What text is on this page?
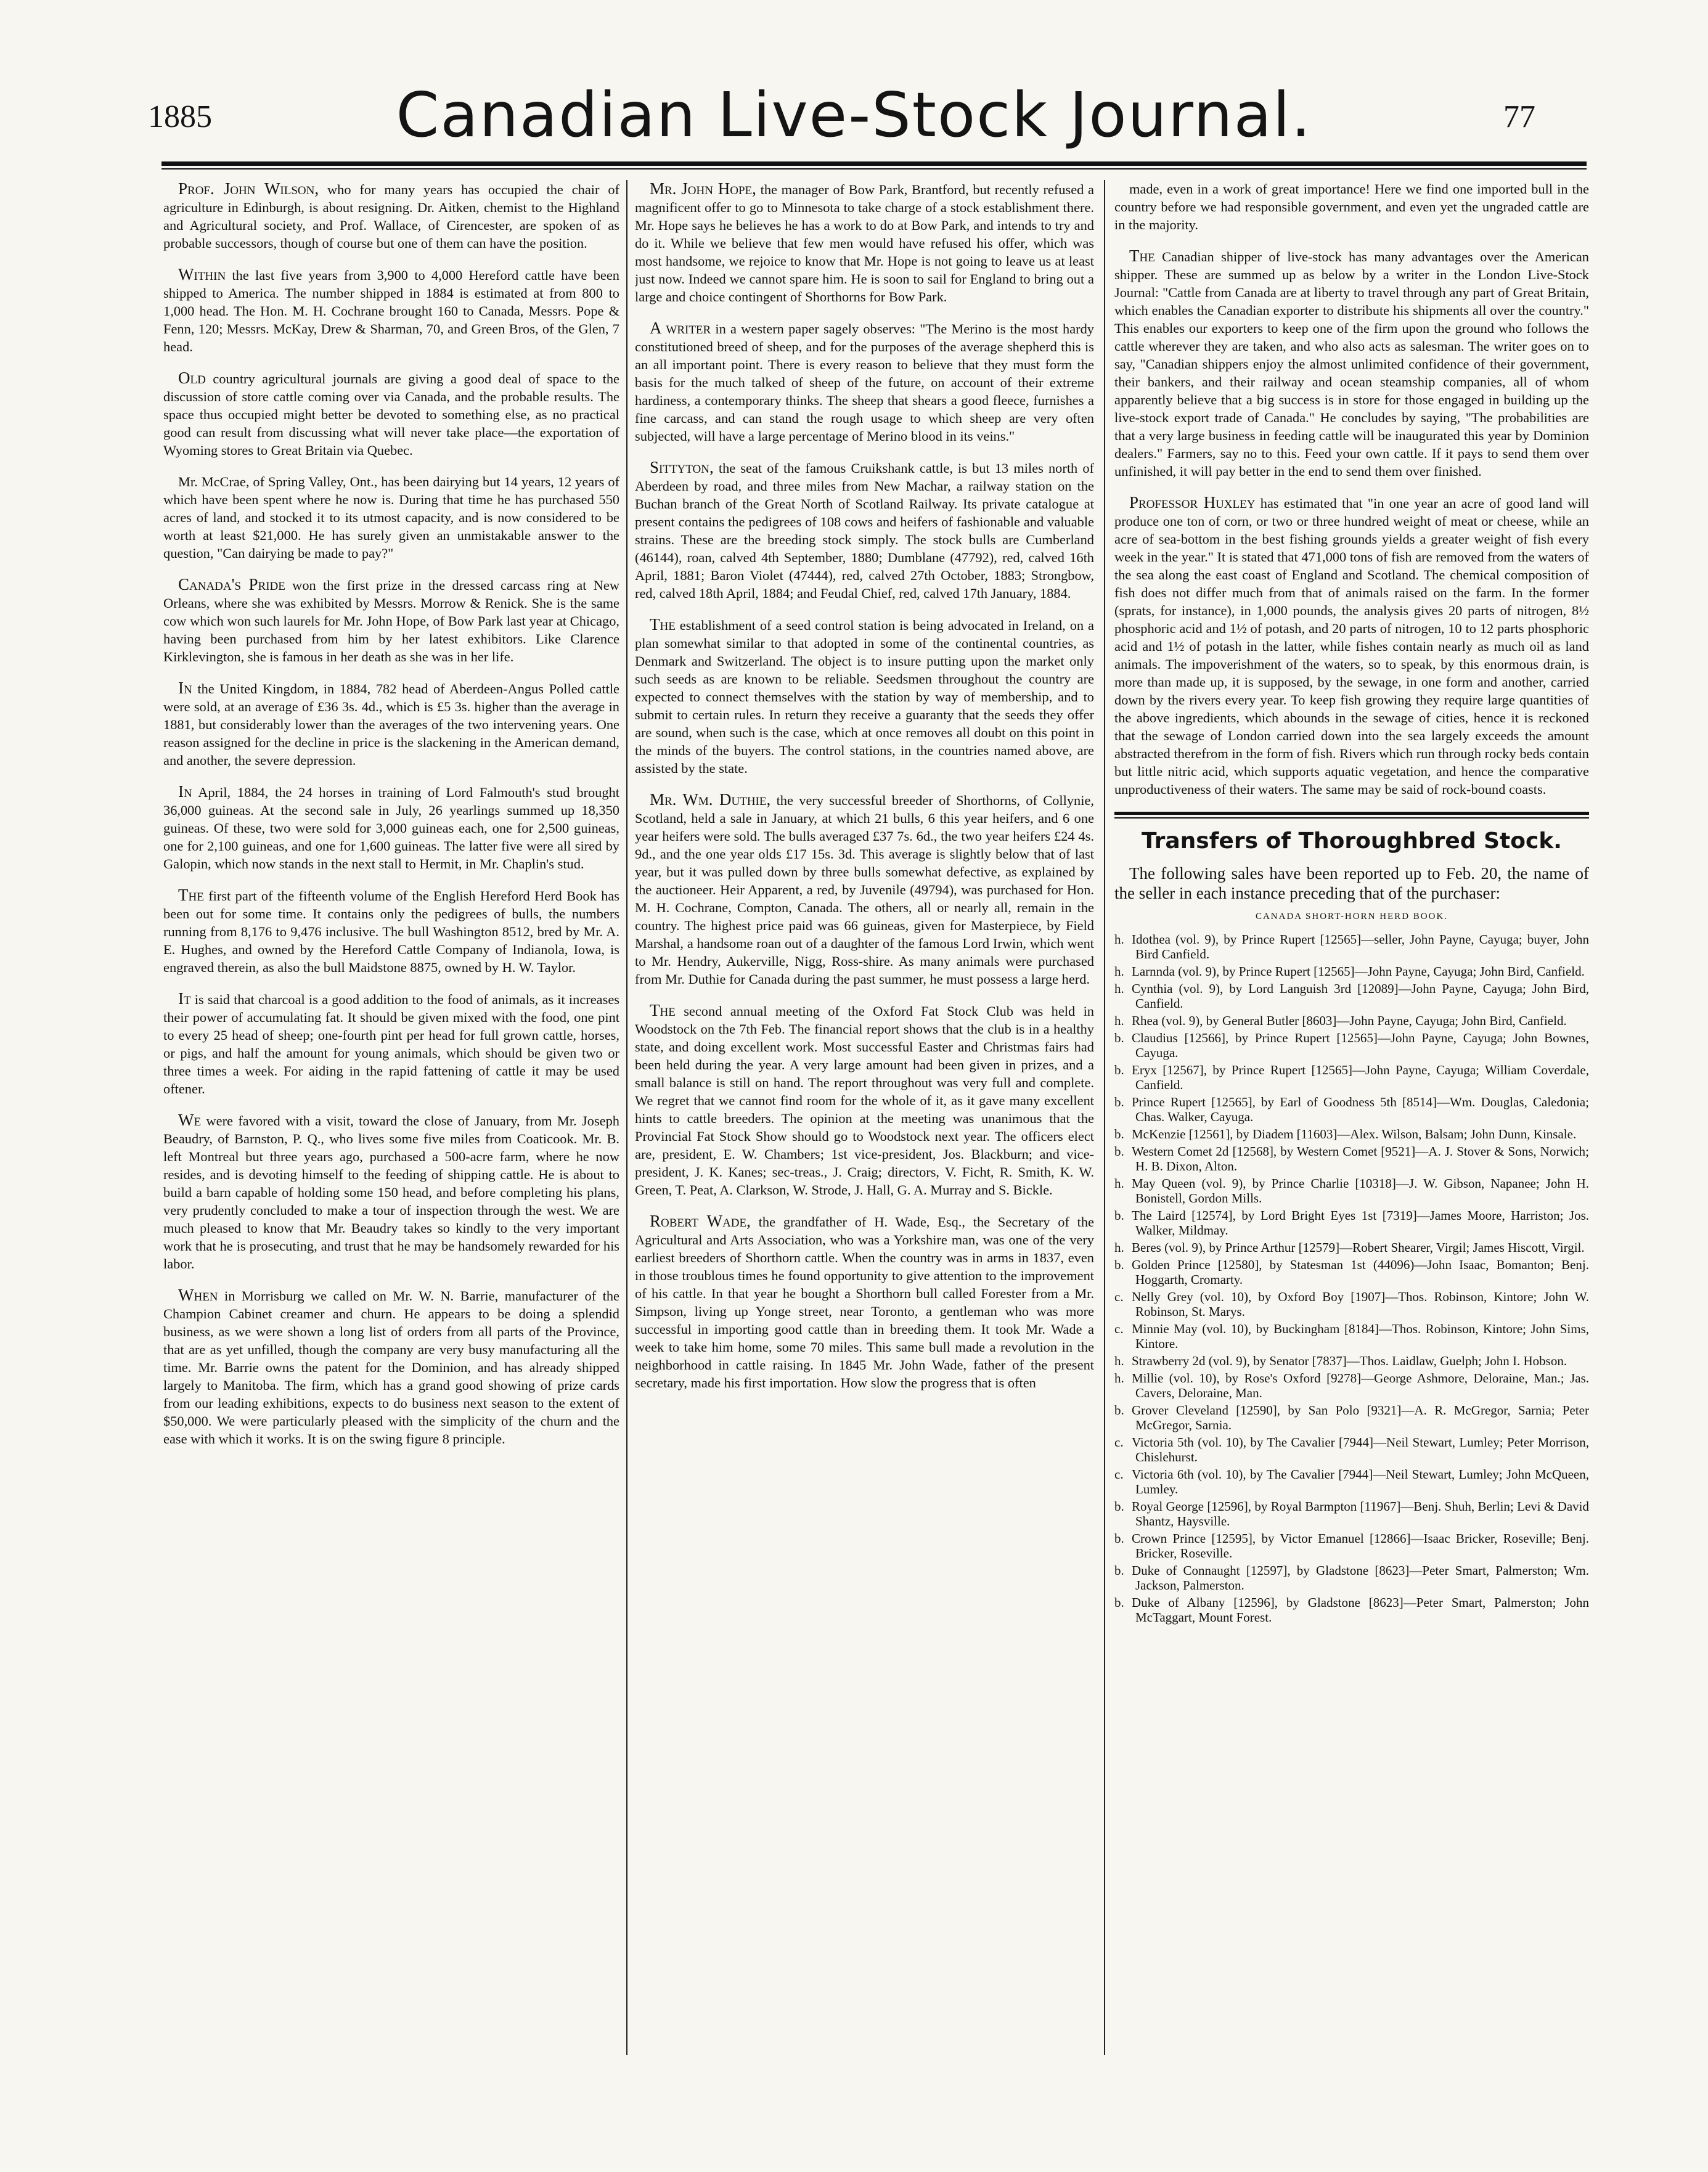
1885	Canadian Live-Stock Journal.	77

Prof. John Wilson, who for many years has occupied the chair of agriculture in Edinburgh, is about resigning. Dr. Aitken, chemist to the Highland and Agricultural society, and Prof. Wallace, of Cirencester, are spoken of as probable successors, though of course but one of them can have the position.

Within the last five years from 3,900 to 4,000 Hereford cattle have been shipped to America. The number shipped in 1884 is estimated at from 800 to 1,000 head. The Hon. M. H. Cochrane brought 160 to Canada, Messrs. Pope & Fenn, 120; Messrs. McKay, Drew & Sharman, 70, and Green Bros, of the Glen, 7 head.

Old country agricultural journals are giving a good deal of space to the discussion of store cattle coming over via Canada, and the probable results. The space thus occupied might better be devoted to something else, as no practical good can result from discussing what will never take place—the exportation of Wyoming stores to Great Britain via Quebec.

Mr. McCrae, of Spring Valley, Ont., has been dairying but 14 years, 12 years of which have been spent where he now is. During that time he has purchased 550 acres of land, and stocked it to its utmost capacity, and is now considered to be worth at least $21,000. He has surely given an unmistakable answer to the question, "Can dairying be made to pay?"

Canada's Pride won the first prize in the dressed carcass ring at New Orleans, where she was exhibited by Messrs. Morrow & Renick. She is the same cow which won such laurels for Mr. John Hope, of Bow Park last year at Chicago, having been purchased from him by her latest exhibitors. Like Clarence Kirklevington, she is famous in her death as she was in her life.

In the United Kingdom, in 1884, 782 head of Aberdeen-Angus Polled cattle were sold, at an average of £36 3s. 4d., which is £5 3s. higher than the average in 1881, but considerably lower than the averages of the two intervening years. One reason assigned for the decline in price is the slackening in the American demand, and another, the severe depression.

In April, 1884, the 24 horses in training of Lord Falmouth's stud brought 36,000 guineas. At the second sale in July, 26 yearlings summed up 18,350 guineas. Of these, two were sold for 3,000 guineas each, one for 2,500 guineas, one for 2,100 guineas, and one for 1,600 guineas. The latter five were all sired by Galopin, which now stands in the next stall to Hermit, in Mr. Chaplin's stud.

The first part of the fifteenth volume of the English Hereford Herd Book has been out for some time. It contains only the pedigrees of bulls, the numbers running from 8,176 to 9,476 inclusive. The bull Washington 8512, bred by Mr. A. E. Hughes, and owned by the Hereford Cattle Company of Indianola, Iowa, is engraved therein, as also the bull Maidstone 8875, owned by H. W. Taylor.

It is said that charcoal is a good addition to the food of animals, as it increases their power of accumulating fat. It should be given mixed with the food, one pint to every 25 head of sheep; one-fourth pint per head for full grown cattle, horses, or pigs, and half the amount for young animals, which should be given two or three times a week. For aiding in the rapid fattening of cattle it may be used oftener.

We were favored with a visit, toward the close of January, from Mr. Joseph Beaudry, of Barnston, P. Q., who lives some five miles from Coaticook. Mr. B. left Montreal but three years ago, purchased a 500-acre farm, where he now resides, and is devoting himself to the feeding of shipping cattle. He is about to build a barn capable of holding some 150 head, and before completing his plans, very prudently concluded to make a tour of inspection through the west. We are much pleased to know that Mr. Beaudry takes so kindly to the very important work that he is prosecuting, and trust that he may be handsomely rewarded for his labor.

When in Morrisburg we called on Mr. W. N. Barrie, manufacturer of the Champion Cabinet creamer and churn. He appears to be doing a splendid business, as we were shown a long list of orders from all parts of the Province, that are as yet unfilled, though the company are very busy manufacturing all the time. Mr. Barrie owns the patent for the Dominion, and has already shipped largely to Manitoba. The firm, which has a grand good showing of prize cards from our leading exhibitions, expects to do business next season to the extent of $50,000. We were particularly pleased with the simplicity of the churn and the ease with which it works. It is on the swing figure 8 principle.

Mr. John Hope, the manager of Bow Park, Brantford, but recently refused a magnificent offer to go to Minnesota to take charge of a stock establishment there. Mr. Hope says he believes he has a work to do at Bow Park, and intends to try and do it. While we believe that few men would have refused his offer, which was most handsome, we rejoice to know that Mr. Hope is not going to leave us at least just now. Indeed we cannot spare him. He is soon to sail for England to bring out a large and choice contingent of Shorthorns for Bow Park.

A writer in a western paper sagely observes: "The Merino is the most hardy constitutioned breed of sheep, and for the purposes of the average shepherd this is an all important point. There is every reason to believe that they must form the basis for the much talked of sheep of the future, on account of their extreme hardiness, a contemporary thinks. The sheep that shears a good fleece, furnishes a fine carcass, and can stand the rough usage to which sheep are very often subjected, will have a large percentage of Merino blood in its veins."

Sittyton, the seat of the famous Cruikshank cattle, is but 13 miles north of Aberdeen by road, and three miles from New Machar, a railway station on the Buchan branch of the Great North of Scotland Railway. Its private catalogue at present contains the pedigrees of 108 cows and heifers of fashionable and valuable strains. These are the breeding stock simply. The stock bulls are Cumberland (46144), roan, calved 4th September, 1880; Dumblane (47792), red, calved 16th April, 1881; Baron Violet (47444), red, calved 27th October, 1883; Strongbow, red, calved 18th April, 1884; and Feudal Chief, red, calved 17th January, 1884.

The establishment of a seed control station is being advocated in Ireland, on a plan somewhat similar to that adopted in some of the continental countries, as Denmark and Switzerland. The object is to insure putting upon the market only such seeds as are known to be reliable. Seedsmen throughout the country are expected to connect themselves with the station by way of membership, and to submit to certain rules. In return they receive a guaranty that the seeds they offer are sound, when such is the case, which at once removes all doubt on this point in the minds of the buyers. The control stations, in the countries named above, are assisted by the state.

Mr. Wm. Duthie, the very successful breeder of Shorthorns, of Collynie, Scotland, held a sale in January, at which 21 bulls, 6 this year heifers, and 6 one year heifers were sold. The bulls averaged £37 7s. 6d., the two year heifers £24 4s. 9d., and the one year olds £17 15s. 3d. This average is slightly below that of last year, but it was pulled down by three bulls somewhat defective, as explained by the auctioneer. Heir Apparent, a red, by Juvenile (49794), was purchased for Hon. M. H. Cochrane, Compton, Canada. The others, all or nearly all, remain in the country. The highest price paid was 66 guineas, given for Masterpiece, by Field Marshal, a handsome roan out of a daughter of the famous Lord Irwin, which went to Mr. Hendry, Aukerville, Nigg, Ross-shire. As many animals were purchased from Mr. Duthie for Canada during the past summer, he must possess a large herd.

The second annual meeting of the Oxford Fat Stock Club was held in Woodstock on the 7th Feb. The financial report shows that the club is in a healthy state, and doing excellent work. Most successful Easter and Christmas fairs had been held during the year. A very large amount had been given in prizes, and a small balance is still on hand. The report throughout was very full and complete. We regret that we cannot find room for the whole of it, as it gave many excellent hints to cattle breeders. The opinion at the meeting was unanimous that the Provincial Fat Stock Show should go to Woodstock next year. The officers elect are, president, E. W. Chambers; 1st vice-president, Jos. Blackburn; and vice-president, J. K. Kanes; sec-treas., J. Craig; directors, V. Ficht, R. Smith, K. W. Green, T. Peat, A. Clarkson, W. Strode, J. Hall, G. A. Murray and S. Bickle.

Robert Wade, the grandfather of H. Wade, Esq., the Secretary of the Agricultural and Arts Association, who was a Yorkshire man, was one of the very earliest breeders of Shorthorn cattle. When the country was in arms in 1837, even in those troublous times he found opportunity to give attention to the improvement of his cattle. In that year he bought a Shorthorn bull called Forester from a Mr. Simpson, living up Yonge street, near Toronto, a gentleman who was more successful in importing good cattle than in breeding them. It took Mr. Wade a week to take him home, some 70 miles. This same bull made a revolution in the neighborhood in cattle raising. In 1845 Mr. John Wade, father of the present secretary, made his first importation. How slow the progress that is often

made, even in a work of great importance! Here we find one imported bull in the country before we had responsible government, and even yet the ungraded cattle are in the majority.

The Canadian shipper of live-stock has many advantages over the American shipper. These are summed up as below by a writer in the London Live-Stock Journal: "Cattle from Canada are at liberty to travel through any part of Great Britain, which enables the Canadian exporter to distribute his shipments all over the country." This enables our exporters to keep one of the firm upon the ground who follows the cattle wherever they are taken, and who also acts as salesman. The writer goes on to say, "Canadian shippers enjoy the almost unlimited confidence of their government, their bankers, and their railway and ocean steamship companies, all of whom apparently believe that a big success is in store for those engaged in building up the live-stock export trade of Canada." He concludes by saying, "The probabilities are that a very large business in feeding cattle will be inaugurated this year by Dominion dealers." Farmers, say no to this. Feed your own cattle. If it pays to send them over unfinished, it will pay better in the end to send them over finished.

Professor Huxley has estimated that "in one year an acre of good land will produce one ton of corn, or two or three hundred weight of meat or cheese, while an acre of sea-bottom in the best fishing grounds yields a greater weight of fish every week in the year." It is stated that 471,000 tons of fish are removed from the waters of the sea along the east coast of England and Scotland. The chemical composition of fish does not differ much from that of animals raised on the farm. In the former (sprats, for instance), in 1,000 pounds, the analysis gives 20 parts of nitrogen, 8½ phosphoric acid and 1½ of potash, and 20 parts of nitrogen, 10 to 12 parts phosphoric acid and 1½ of potash in the latter, while fishes contain nearly as much oil as land animals. The impoverishment of the waters, so to speak, by this enormous drain, is more than made up, it is supposed, by the sewage, in one form and another, carried down by the rivers every year. To keep fish growing they require large quantities of the above ingredients, which abounds in the sewage of cities, hence it is reckoned that the sewage of London carried down into the sea largely exceeds the amount abstracted therefrom in the form of fish. Rivers which run through rocky beds contain but little nitric acid, which supports aquatic vegetation, and hence the comparative unproductiveness of their waters. The same may be said of rock-bound coasts.

Transfers of Thoroughbred Stock.
The following sales have been reported up to Feb. 20, the name of the seller in each instance preceding that of the purchaser:
CANADA SHORT-HORN HERD BOOK.
h. Idothea (vol. 9), by Prince Rupert [12565]—seller, John Payne, Cayuga; buyer, John Bird Canfield.
h. Larnnda (vol. 9), by Prince Rupert [12565]—John Payne, Cayuga; John Bird, Canfield.
h. Cynthia (vol. 9), by Lord Languish 3rd [12089]—John Payne, Cayuga; John Bird, Canfield.
h. Rhea (vol. 9), by General Butler [8603]—John Payne, Cayuga; John Bird, Canfield.
b. Claudius [12566], by Prince Rupert [12565]—John Payne, Cayuga; John Bownes, Cayuga.
b. Eryx [12567], by Prince Rupert [12565]—John Payne, Cayuga; William Coverdale, Canfield.
b. Prince Rupert [12565], by Earl of Goodness 5th [8514]—Wm. Douglas, Caledonia; Chas. Walker, Cayuga.
b. McKenzie [12561], by Diadem [11603]—Alex. Wilson, Balsam; John Dunn, Kinsale.
b. Western Comet 2d [12568], by Western Comet [9521]—A. J. Stover & Sons, Norwich; H. B. Dixon, Alton.
h. May Queen (vol. 9), by Prince Charlie [10318]—J. W. Gibson, Napanee; John H. Bonistell, Gordon Mills.
b. The Laird [12574], by Lord Bright Eyes 1st [7319]—James Moore, Harriston; Jos. Walker, Mildmay.
h. Beres (vol. 9), by Prince Arthur [12579]—Robert Shearer, Virgil; James Hiscott, Virgil.
b. Golden Prince [12580], by Statesman 1st (44096)—John Isaac, Bomanton; Benj. Hoggarth, Cromarty.
c. Nelly Grey (vol. 10), by Oxford Boy [1907]—Thos. Robinson, Kintore; John W. Robinson, St. Marys.
c. Minnie May (vol. 10), by Buckingham [8184]—Thos. Robinson, Kintore; John Sims, Kintore.
h. Strawberry 2d (vol. 9), by Senator [7837]—Thos. Laidlaw, Guelph; John I. Hobson.
h. Millie (vol. 10), by Rose's Oxford [9278]—George Ashmore, Deloraine, Man.; Jas. Cavers, Deloraine, Man.
b. Grover Cleveland [12590], by San Polo [9321]—A. R. McGregor, Sarnia; Peter McGregor, Sarnia.
c. Victoria 5th (vol. 10), by The Cavalier [7944]—Neil Stewart, Lumley; Peter Morrison, Chislehurst.
c. Victoria 6th (vol. 10), by The Cavalier [7944]—Neil Stewart, Lumley; John McQueen, Lumley.
b. Royal George [12596], by Royal Barmpton [11967]—Benj. Shuh, Berlin; Levi & David Shantz, Haysville.
b. Crown Prince [12595], by Victor Emanuel [12866]—Isaac Bricker, Roseville; Benj. Bricker, Roseville.
b. Duke of Connaught [12597], by Gladstone [8623]—Peter Smart, Palmerston; Wm. Jackson, Palmerston.
b. Duke of Albany [12596], by Gladstone [8623]—Peter Smart, Palmerston; John McTaggart, Mount Forest.
